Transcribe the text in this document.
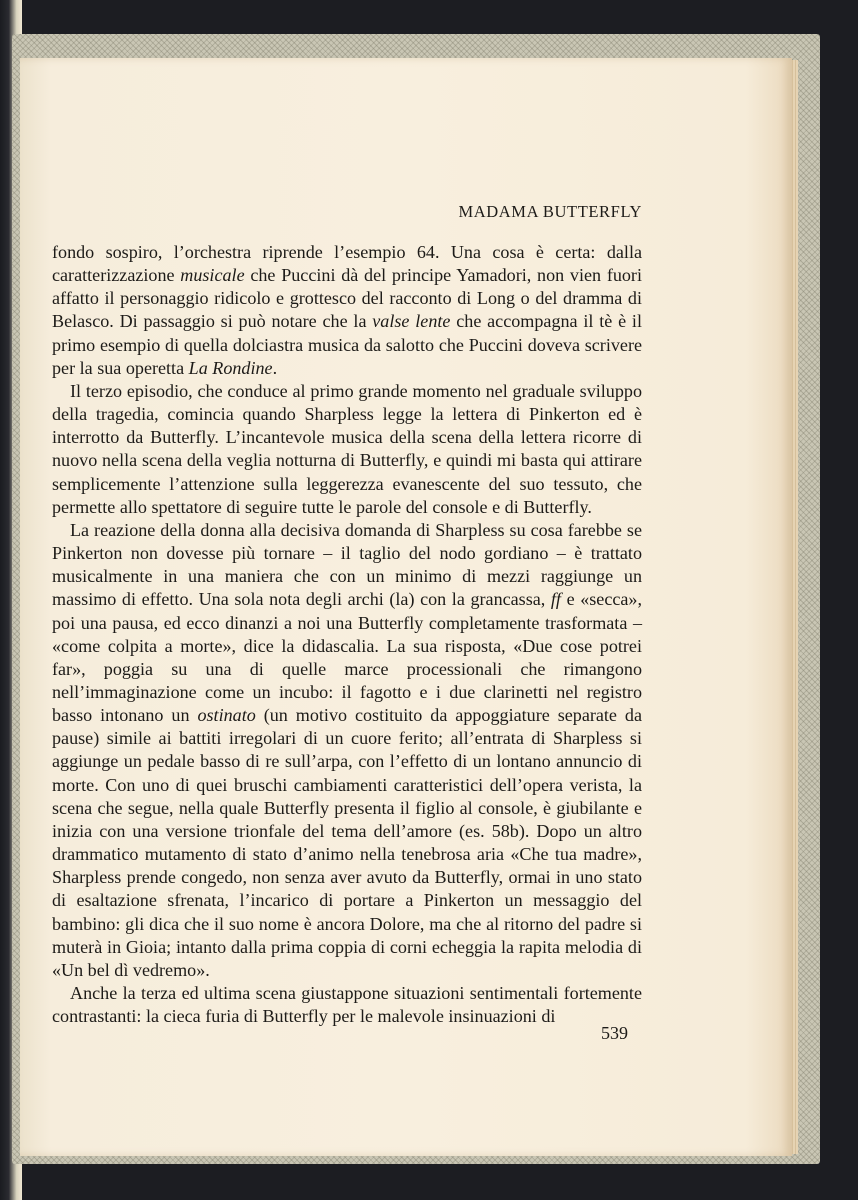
MADAMA BUTTERFLY

fondo sospiro, l’orchestra riprende l’esempio 64. Una cosa è certa: dalla caratterizzazione musicale che Puccini dà del principe Yamadori, non vien fuori affatto il personaggio ridicolo e grottesco del racconto di Long o del dramma di Belasco. Di passaggio si può notare che la valse lente che accompagna il tè è il primo esempio di quella dolciastra musica da salotto che Puccini doveva scrivere per la sua operetta La Rondine.

Il terzo episodio, che conduce al primo grande momento nel graduale sviluppo della tragedia, comincia quando Sharpless legge la lettera di Pinkerton ed è interrotto da Butterfly. L’incantevole musica della scena della lettera ricorre di nuovo nella scena della veglia notturna di Butterfly, e quindi mi basta qui attirare semplicemente l’attenzione sulla leggerezza evanescente del suo tessuto, che permette allo spettatore di seguire tutte le parole del console e di Butterfly.

La reazione della donna alla decisiva domanda di Sharpless su cosa farebbe se Pinkerton non dovesse più tornare – il taglio del nodo gordiano – è trattato musicalmente in una maniera che con un minimo di mezzi raggiunge un massimo di effetto. Una sola nota degli archi (la) con la grancassa, ff e «secca», poi una pausa, ed ecco dinanzi a noi una Butterfly completamente trasformata – «come colpita a morte», dice la didascalia. La sua risposta, «Due cose potrei far», poggia su una di quelle marce processionali che rimangono nell’immaginazione come un incubo: il fagotto e i due clarinetti nel registro basso intonano un ostinato (un motivo costituito da appoggiature separate da pause) simile ai battiti irregolari di un cuore ferito; all’entrata di Sharpless si aggiunge un pedale basso di re sull’arpa, con l’effetto di un lontano annuncio di morte. Con uno di quei bruschi cambiamenti caratteristici dell’opera verista, la scena che segue, nella quale Butterfly presenta il figlio al console, è giubilante e inizia con una versione trionfale del tema dell’amore (es. 58b). Dopo un altro drammatico mutamento di stato d’animo nella tenebrosa aria «Che tua madre», Sharpless prende congedo, non senza aver avuto da Butterfly, ormai in uno stato di esaltazione sfrenata, l’incarico di portare a Pinkerton un messaggio del bambino: gli dica che il suo nome è ancora Dolore, ma che al ritorno del padre si muterà in Gioia; intanto dalla prima coppia di corni echeggia la rapita melodia di «Un bel dì vedremo».

Anche la terza ed ultima scena giustappone situazioni sentimentali fortemente contrastanti: la cieca furia di Butterfly per le malevole insinuazioni di

539
